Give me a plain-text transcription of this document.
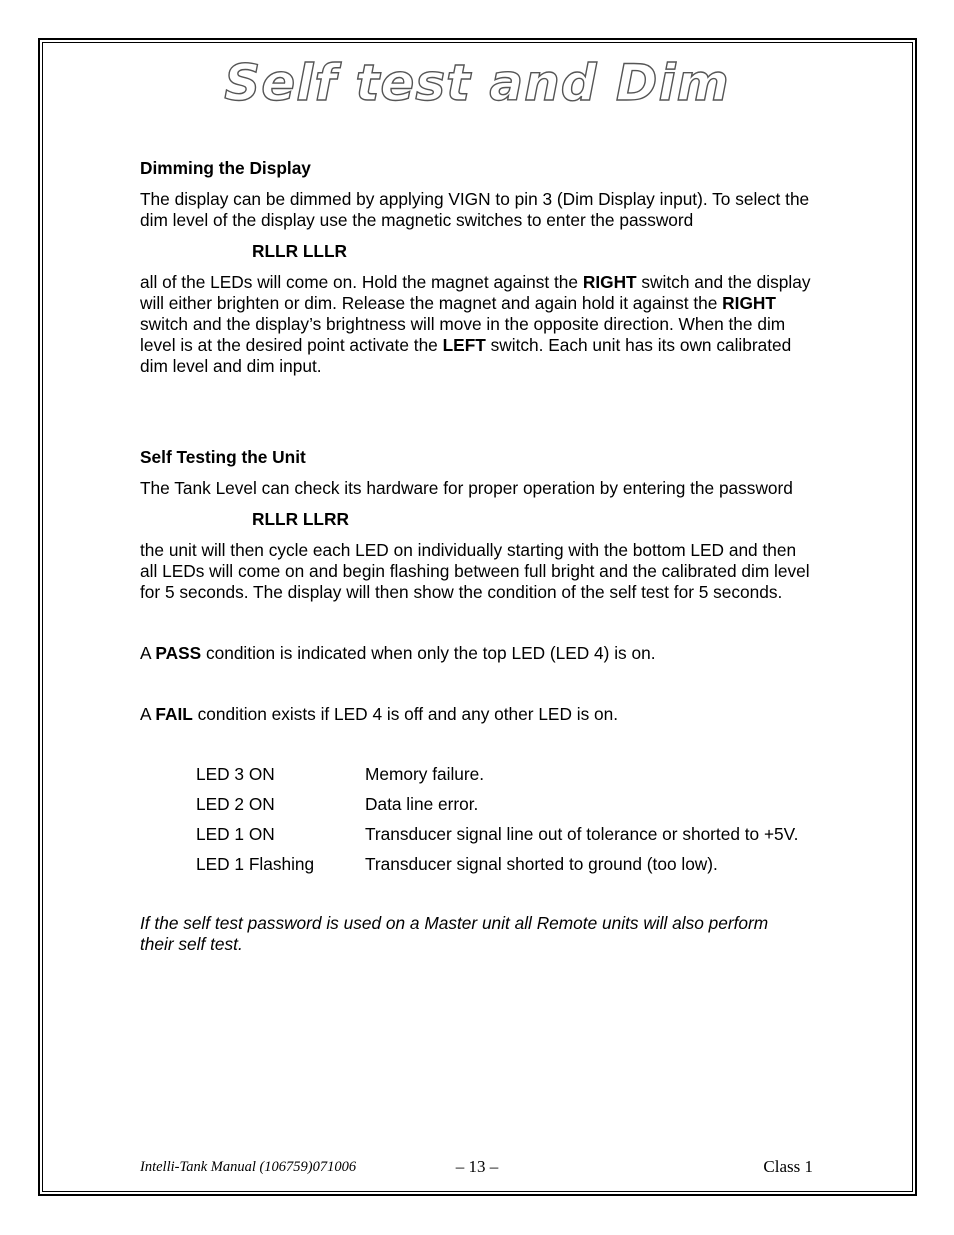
Self test and Dim

Dimming the Display

The display can be dimmed by applying VIGN to pin 3 (Dim Display input). To select the dim level of the display use the magnetic switches to enter the password

RLLR LLLR

all of the LEDs will come on. Hold the magnet against the RIGHT switch and the display will either brighten or dim. Release the magnet and again hold it against the RIGHT switch and the display’s brightness will move in the opposite direction. When the dim level is at the desired point activate the LEFT switch. Each unit has its own calibrated dim level and dim input.

Self Testing the Unit

The Tank Level can check its hardware for proper operation by entering the password

RLLR LLRR

the unit will then cycle each LED on individually starting with the bottom LED and then all LEDs will come on and begin flashing between full bright and the calibrated dim level for 5 seconds. The display will then show the condition of the self test for 5 seconds.

A PASS condition is indicated when only the top LED (LED 4) is on.

A FAIL condition exists if LED 4 is off and any other LED is on.

LED 3 ON	Memory failure.
LED 2 ON	Data line error.
LED 1 ON	Transducer signal line out of tolerance or shorted to +5V.
LED 1 Flashing	Transducer signal shorted to ground (too low).

If the self test password is used on a Master unit all Remote units will also perform their self test.

Intelli-Tank Manual (106759)071006	– 13 –	Class 1
